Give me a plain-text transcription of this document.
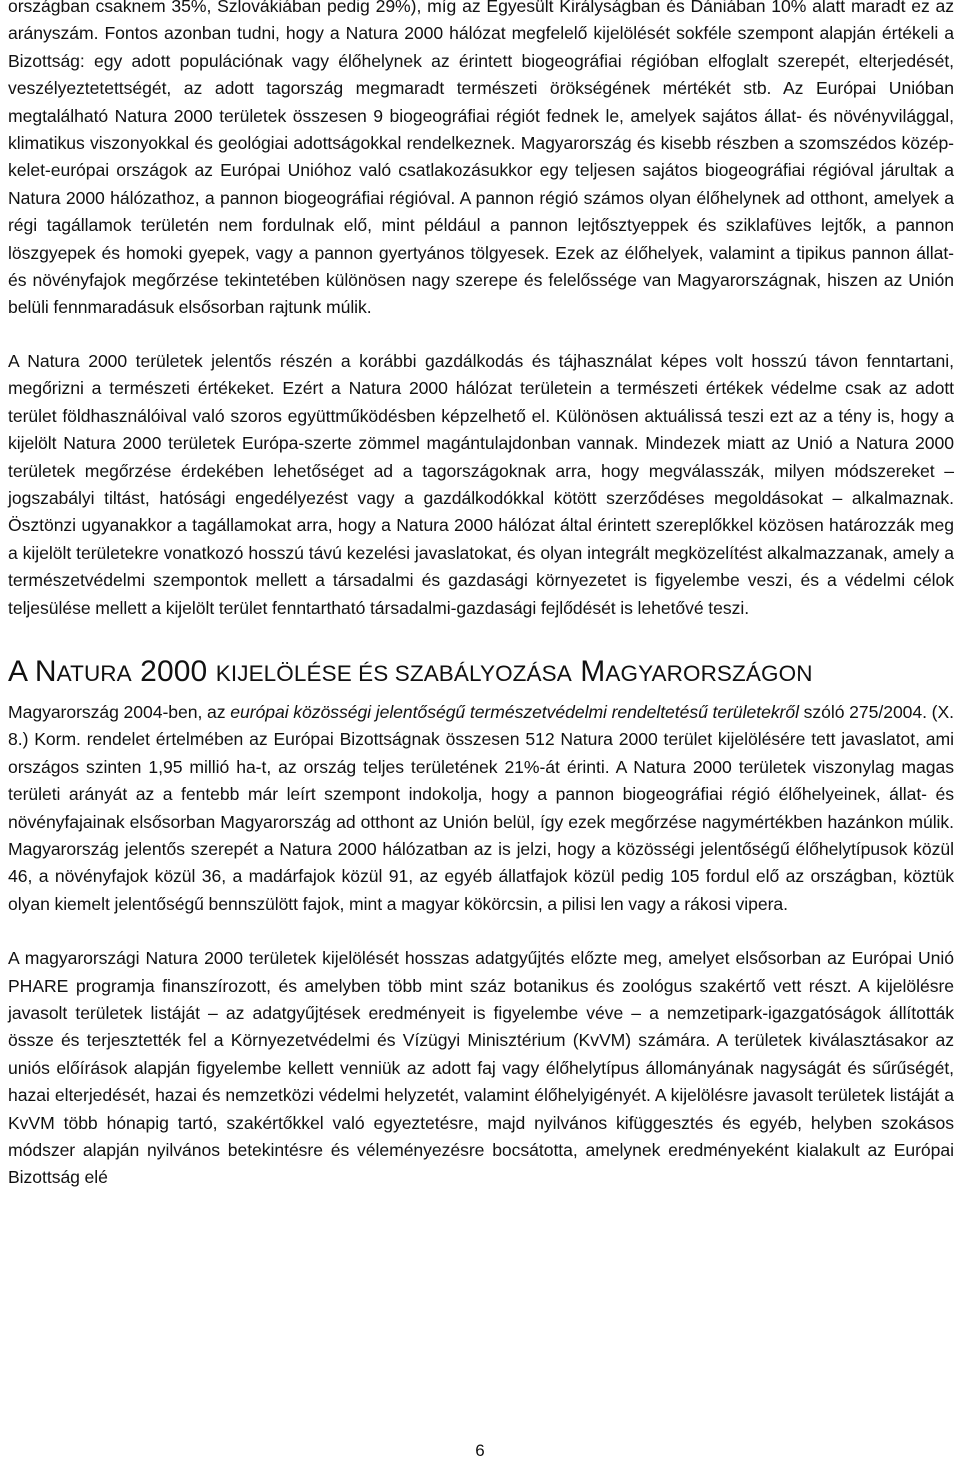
országban csaknem 35%, Szlovákiában pedig 29%), míg az Egyesült Királyságban és Dániában 10% alatt maradt ez az arányszám. Fontos azonban tudni, hogy a Natura 2000 hálózat megfelelő kijelölését sokféle szempont alapján értékeli a Bizottság: egy adott populációnak vagy élőhelynek az érintett biogeográfiai régióban elfoglalt szerepét, elterjedését, veszélyeztetettségét, az adott tagország megmaradt természeti örökségének mértékét stb. Az Európai Unióban megtalálható Natura 2000 területek összesen 9 biogeográfiai régiót fednek le, amelyek sajátos állat- és növényvilággal, klimatikus viszonyokkal és geológiai adottságokkal rendelkeznek. Magyarország és kisebb részben a szomszédos közép-kelet-európai országok az Európai Unióhoz való csatlakozásukkor egy teljesen sajátos biogeográfiai régióval járultak a Natura 2000 hálózathoz, a pannon biogeográfiai régióval. A pannon régió számos olyan élőhelynek ad otthont, amelyek a régi tagállamok területén nem fordulnak elő, mint például a pannon lejtősztyeppek és sziklafüves lejtők, a pannon löszgyepek és homoki gyepek, vagy a pannon gyertyános tölgyesek. Ezek az élőhelyek, valamint a tipikus pannon állat- és növényfajok megőrzése tekintetében különösen nagy szerepe és felelőssége van Magyarországnak, hiszen az Unión belüli fennmaradásuk elsősorban rajtunk múlik.

A Natura 2000 területek jelentős részén a korábbi gazdálkodás és tájhasználat képes volt hosszú távon fenntartani, megőrizni a természeti értékeket. Ezért a Natura 2000 hálózat területein a természeti értékek védelme csak az adott terület földhasználóival való szoros együttműködésben képzelhető el. Különösen aktuálissá teszi ezt az a tény is, hogy a kijelölt Natura 2000 területek Európa-szerte zömmel magántulajdonban vannak. Mindezek miatt az Unió a Natura 2000 területek megőrzése érdekében lehetőséget ad a tagországoknak arra, hogy megválasszák, milyen módszereket – jogszabályi tiltást, hatósági engedélyezést vagy a gazdálkodókkal kötött szerződéses megoldásokat – alkalmaznak. Ösztönzi ugyanakkor a tagállamokat arra, hogy a Natura 2000 hálózat által érintett szereplőkkel közösen határozzák meg a kijelölt területekre vonatkozó hosszú távú kezelési javaslatokat, és olyan integrált megközelítést alkalmazzanak, amely a természetvédelmi szempontok mellett a társadalmi és gazdasági környezetet is figyelembe veszi, és a védelmi célok teljesülése mellett a kijelölt terület fenntartható társadalmi-gazdasági fejlődését is lehetővé teszi.

A NATURA 2000 KIJELÖLÉSE ÉS SZABÁLYOZÁSA MAGYARORSZÁGON

Magyarország 2004-ben, az európai közösségi jelentőségű természetvédelmi rendeltetésű területekről szóló 275/2004. (X. 8.) Korm. rendelet értelmében az Európai Bizottságnak összesen 512 Natura 2000 terület kijelölésére tett javaslatot, ami országos szinten 1,95 millió ha-t, az ország teljes területének 21%-át érinti. A Natura 2000 területek viszonylag magas területi arányát az a fentebb már leírt szempont indokolja, hogy a pannon biogeográfiai régió élőhelyeinek, állat- és növényfajainak elsősorban Magyarország ad otthont az Unión belül, így ezek megőrzése nagymértékben hazánkon múlik. Magyarország jelentős szerepét a Natura 2000 hálózatban az is jelzi, hogy a közösségi jelentőségű élőhelytípusok közül 46, a növényfajok közül 36, a madárfajok közül 91, az egyéb állatfajok közül pedig 105 fordul elő az országban, köztük olyan kiemelt jelentőségű bennszülött fajok, mint a magyar kökörcsin, a pilisi len vagy a rákosi vipera.

A magyarországi Natura 2000 területek kijelölését hosszas adatgyűjtés előzte meg, amelyet elsősorban az Európai Unió PHARE programja finanszírozott, és amelyben több mint száz botanikus és zoológus szakértő vett részt. A kijelölésre javasolt területek listáját – az adatgyűjtések eredményeit is figyelembe véve – a nemzetipark-igazgatóságok állították össze és terjesztették fel a Környezetvédelmi és Vízügyi Minisztérium (KvVM) számára. A területek kiválasztásakor az uniós előírások alapján figyelembe kellett venniük az adott faj vagy élőhelytípus állományának nagyságát és sűrűségét, hazai elterjedését, hazai és nemzetközi védelmi helyzetét, valamint élőhelyigényét. A kijelölésre javasolt területek listáját a KvVM több hónapig tartó, szakértőkkel való egyeztetésre, majd nyilvános kifüggesztés és egyéb, helyben szokásos módszer alapján nyilvános betekintésre és véleményezésre bocsátotta, amelynek eredményeként kialakult az Európai Bizottság elé

6
